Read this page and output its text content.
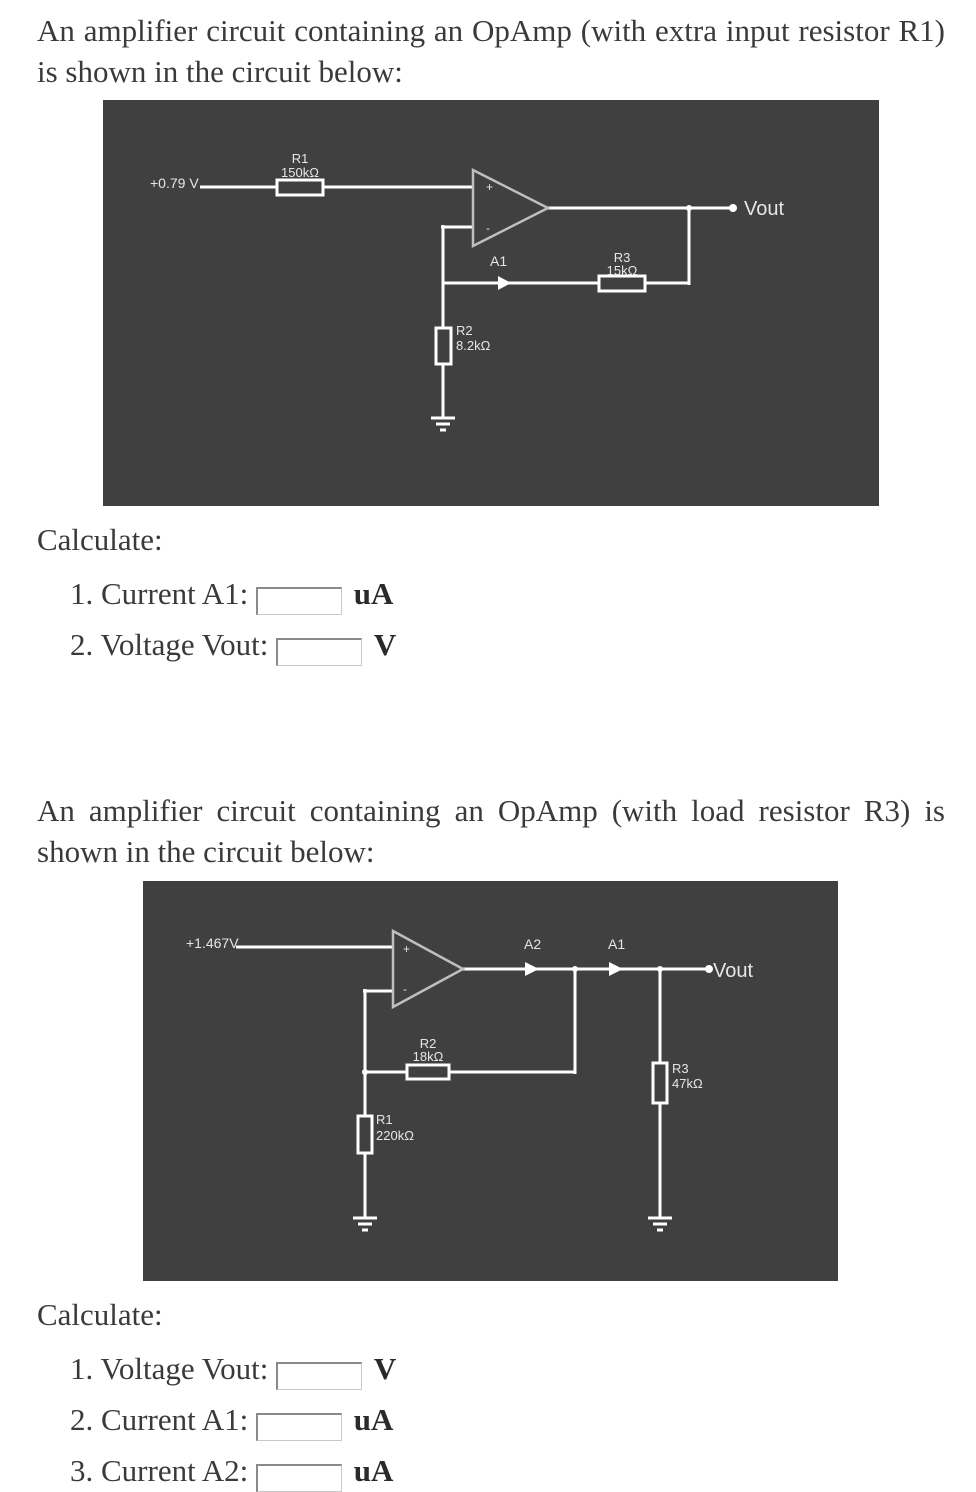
An amplifier circuit containing an OpAmp (with extra input resistor R1) is shown in the circuit below:

+0.79 V
R1
150kΩ
+
-
A1	R3
15kΩ
R2
8.2kΩ
Vout
Calculate:
1. Current A1:	uA
2. Voltage Vout:	V

An amplifier circuit containing an OpAmp (with load resistor R3) is shown in the circuit below:

+1.467V	+
-
A2	A1
R2
18kΩ
R1
220kΩ
R3
47kΩ
Vout
Calculate:
1. Voltage Vout:	V
2. Current A1:	uA
3. Current A2:	uA
